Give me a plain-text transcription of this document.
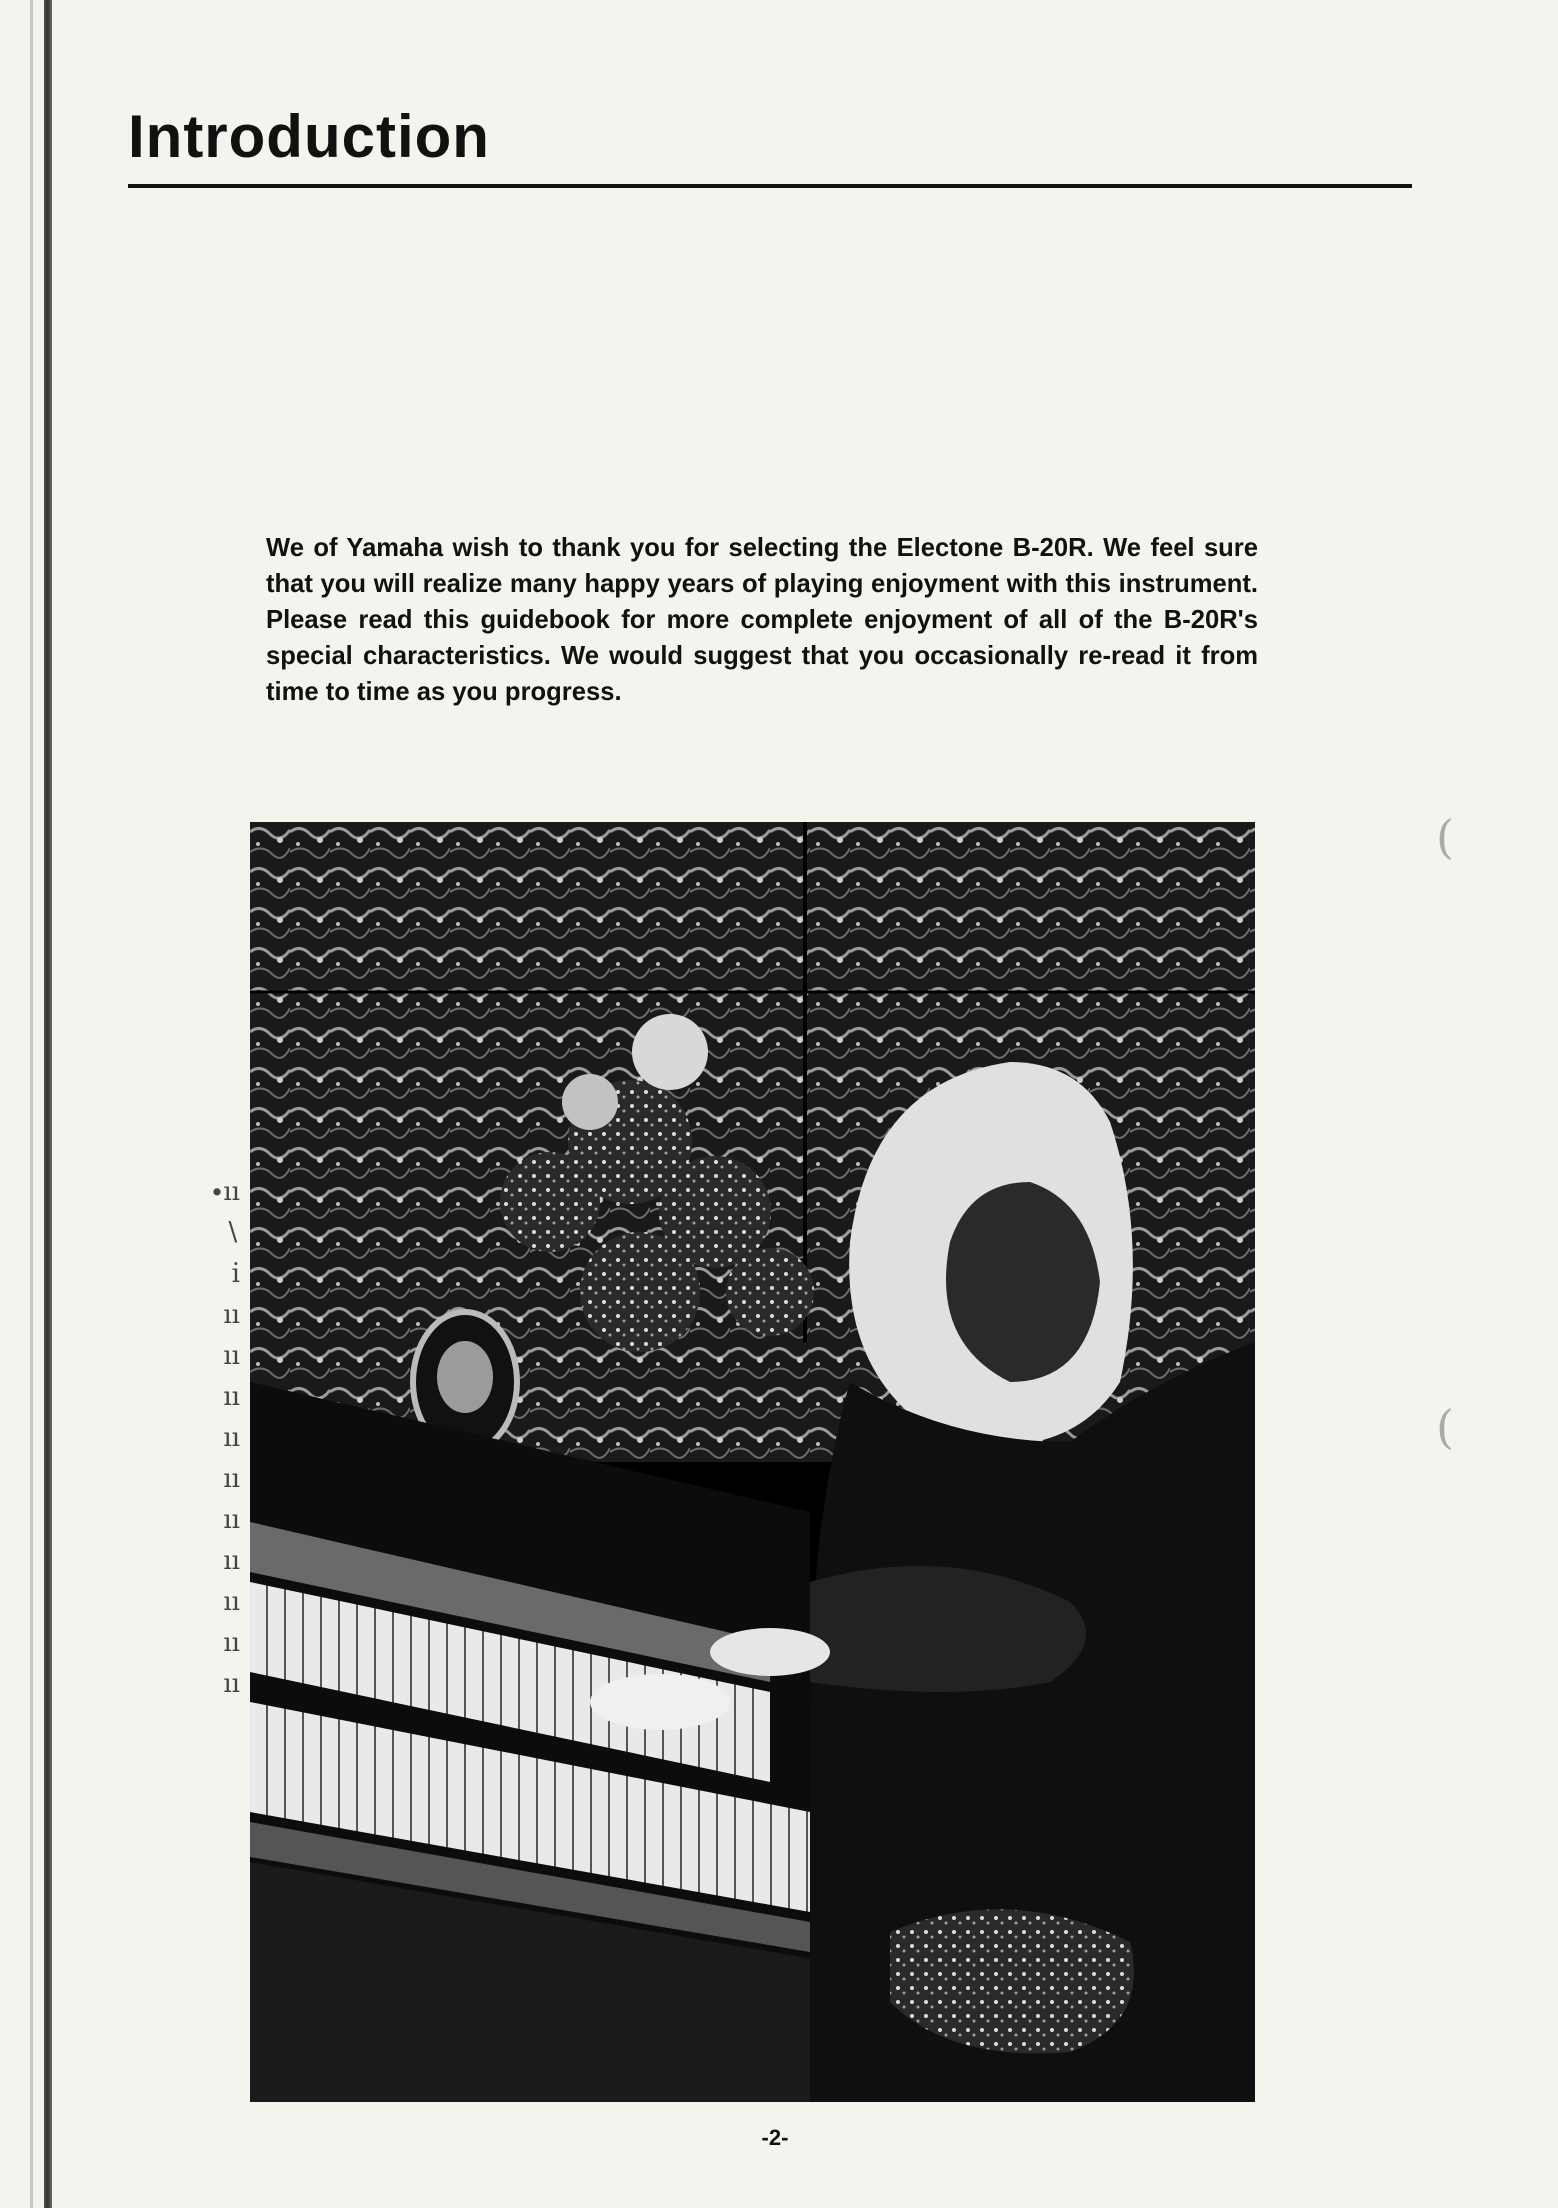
Introduction

We of Yamaha wish to thank you for selecting the Electone B-20R. We feel sure that you will realize many happy years of playing enjoyment with this instrument. Please read this guidebook for more complete enjoyment of all of the B-20R's special characteristics. We would suggest that you occasionally re-read it from time to time as you progress.

∙ıı
∖
ı̇
ıı
ıı
ıı
ıı
ıı
ıı
ıı
ıı
ıı
ıı
(
(
-2-
